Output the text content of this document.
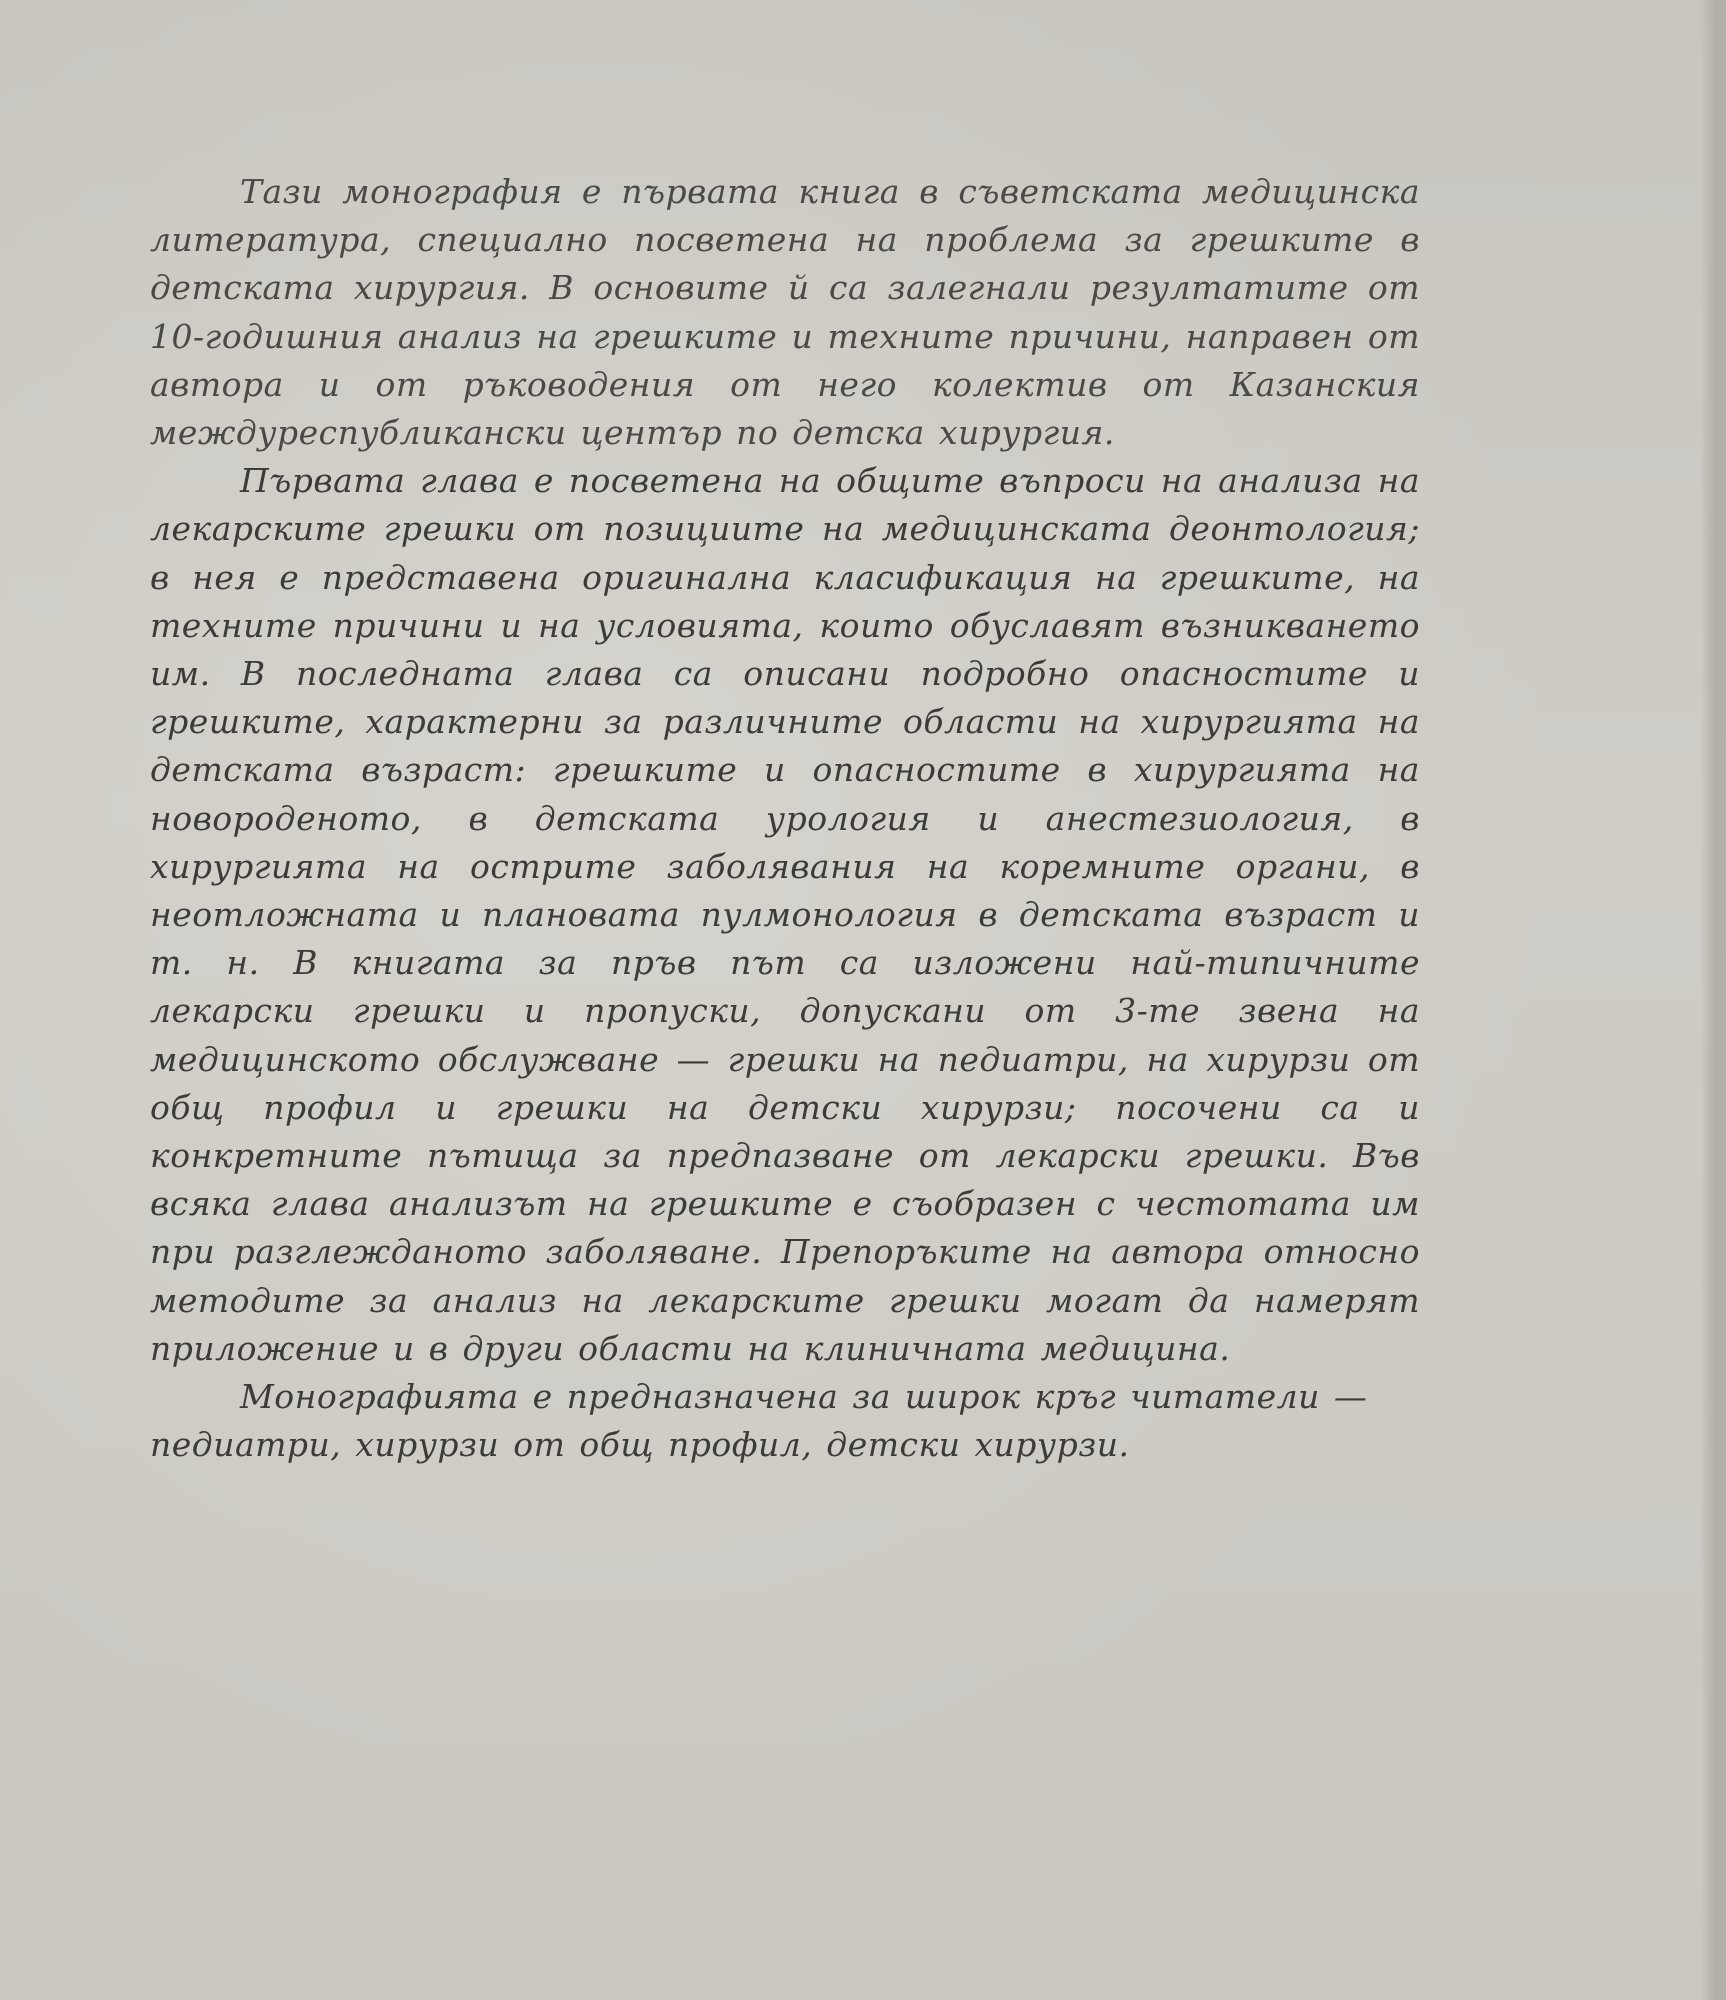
Тази монография е първата книга в съветската медицинска литература, специално посветена на проблема за грешките в детската хирургия. В основите й са залегнали резултатите от 10-годишния анализ на грешките и техните причини, направен от автора и от ръководения от него колектив от Казанския междуреспубликански център по детска хирургия.

Първата глава е посветена на общите въпроси на анализа на лекарските грешки от позициите на медицинската деонтология; в нея е представена оригинална класификация на грешките, на техните причини и на условията, които обуславят възникването им. В последната глава са описани подробно опасностите и грешките, характерни за различните области на хирургията на детската възраст: грешките и опасностите в хирургията на новороденото, в детската урология и анестезиология, в хирургията на острите заболявания на коремните органи, в неотложната и плановата пулмонология в детската възраст и т. н. В книгата за пръв път са изложени най-типичните лекарски грешки и пропуски, допускани от 3-те звена на медицинското обслужване — грешки на педиатри, на хирурзи от общ профил и грешки на детски хирурзи; посочени са и конкретните пътища за предпазване от лекарски грешки. Във всяка глава анализът на грешките е съобразен с честотата им при разглежданото заболяване. Препоръките на автора относно методите за анализ на лекарските грешки могат да намерят приложение и в други области на клиничната медицина.

Монографията е предназначена за широк кръг читатели — педиатри, хирурзи от общ профил, детски хирурзи.
